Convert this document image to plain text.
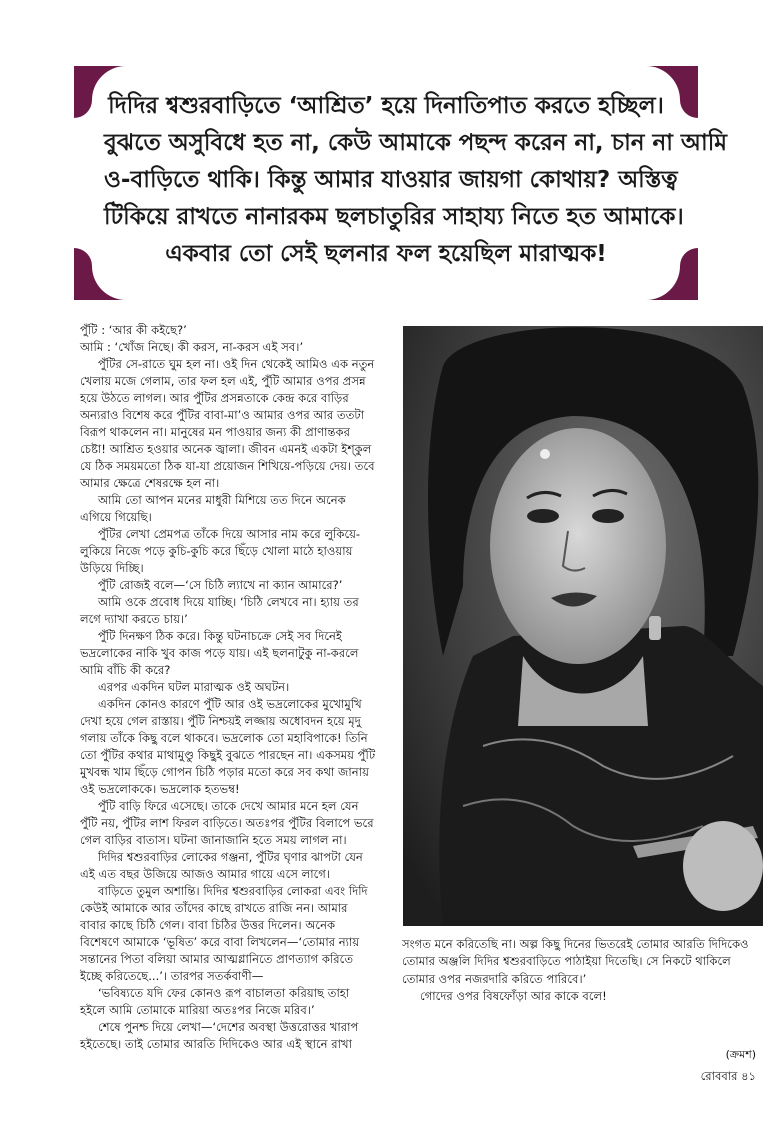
দিদির শ্বশুরবাড়িতে ‘আশ্রিত’ হয়ে দিনাতিপাত করতে হচ্ছিল।
বুঝতে অসুবিধে হত না, কেউ আমাকে পছন্দ করেন না, চান না আমি
ও-বাড়িতে থাকি। কিন্তু আমার যাওয়ার জায়গা কোথায়? অস্তিত্ব
টিকিয়ে রাখতে নানারকম ছলচাতুরির সাহায্য নিতে হত আমাকে।
একবার তো সেই ছলনার ফল হয়েছিল মারাত্মক!

পুঁটি : ‘আর কী কইছে?’

আমি : ‘খোঁজ নিছে। কী করস, না-করস এই সব।’

পুঁটির সে-রাতে ঘুম হল না। ওই দিন থেকেই আমিও এক নতুন খেলায় মজে গেলাম, তার ফল হল এই, পুঁটি আমার ওপর প্রসন্ন হয়ে উঠতে লাগল। আর পুঁটির প্রসন্নতাকে কেন্দ্র করে বাড়ির অন্যরাও বিশেষ করে পুঁটির বাবা-মা’ও আমার ওপর আর ততটা বিরূপ থাকলেন না। মানুষের মন পাওয়ার জন্য কী প্রাণান্তকর চেষ্টা! আশ্রিত হওয়ার অনেক জ্বালা। জীবন এমনই একটা ইশ্কুল যে ঠিক সময়মতো ঠিক যা-যা প্রয়োজন শিখিয়ে-পড়িয়ে দেয়। তবে আমার ক্ষেত্রে শেষরক্ষে হল না।

আমি তো আপন মনের মাধুরী মিশিয়ে তত দিনে অনেক এগিয়ে গিয়েছি।

পুঁটির লেখা প্রেমপত্র তাঁকে দিয়ে আসার নাম করে লুকিয়ে-লুকিয়ে নিজে পড়ে কুচি-কুচি করে ছিঁড়ে খোলা মাঠে হাওয়ায় উড়িয়ে দিচ্ছি।

পুঁটি রোজই বলে—‘সে চিঠি ল্যাখে না ক্যান আমারে?’

আমি ওকে প্রবোধ দিয়ে যাচ্ছি। ‘চিঠি লেখবে না। হ্যায় তর লগে দ্যাখা করতে চায়।’

পুঁটি দিনক্ষণ ঠিক করে। কিন্তু ঘটনাচক্রে সেই সব দিনেই ভদ্রলোকের নাকি খুব কাজ পড়ে যায়। এই ছলনাটুকু না-করলে আমি বাঁচি কী করে?

এরপর একদিন ঘটল মারাত্মক ওই অঘটন।

একদিন কোনও কারণে পুঁটি আর ওই ভদ্রলোকের মুখোমুখি দেখা হয়ে গেল রাস্তায়। পুঁটি নিশ্চয়ই লজ্জায় অধোবদন হয়ে মৃদু গলায় তাঁকে কিছু বলে থাকবে। ভদ্রলোক তো মহাবিপাকে! তিনি তো পুঁটির কথার মাথামুণ্ডু কিছুই বুঝতে পারছেন না। একসময় পুঁটি মুখবন্ধ খাম ছিঁড়ে গোপন চিঠি পড়ার মতো করে সব কথা জানায় ওই ভদ্রলোককে। ভদ্রলোক হতভম্ব!

পুঁটি বাড়ি ফিরে এসেছে। তাকে দেখে আমার মনে হল যেন পুঁটি নয়, পুঁটির লাশ ফিরল বাড়িতে। অতঃপর পুঁটির বিলাপে ভরে গেল বাড়ির বাতাস। ঘটনা জানাজানি হতে সময় লাগল না।

দিদির শ্বশুরবাড়ির লোকের গঞ্জনা, পুঁটির ঘৃণার ঝাপটা যেন এই এত বছর উজিয়ে আজও আমার গায়ে এসে লাগে।

বাড়িতে তুমুল অশান্তি। দিদির শ্বশুরবাড়ির লোকরা এবং দিদি কেউই আমাকে আর তাঁদের কাছে রাখতে রাজি নন। আমার বাবার কাছে চিঠি গেল। বাবা চিঠির উত্তর দিলেন। অনেক বিশেষণে আমাকে ‘ভূষিত’ করে বাবা লিখলেন—‘তোমার ন্যায় সন্তানের পিতা বলিয়া আমার আত্মগ্লানিতে প্রাণত্যাগ করিতে ইচ্ছে করিতেছে...’। তারপর সতর্কবাণী—

‘ভবিষ্যতে যদি ফের কোনও রূপ বাচালতা করিয়াছ তাহা হইলে আমি তোমাকে মারিয়া অতঃপর নিজে মরিব।’

শেষে পুনশ্চ দিয়ে লেখা—‘দেশের অবস্থা উত্তরোত্তর খারাপ হইতেছে। তাই তোমার আরতি দিদিকেও আর এই স্থানে রাখা

সংগত মনে করিতেছি না। অল্প কিছু দিনের ভিতরেই তোমার আরতি দিদিকেও তোমার অঞ্জলি দিদির শ্বশুরবাড়িতে পাঠাইয়া দিতেছি। সে নিকটে থাকিলে তোমার ওপর নজরদারি করিতে পারিবে।’

গোদের ওপর বিষফোঁড়া আর কাকে বলে!

(ক্রমশ)
রোববার ৪১
